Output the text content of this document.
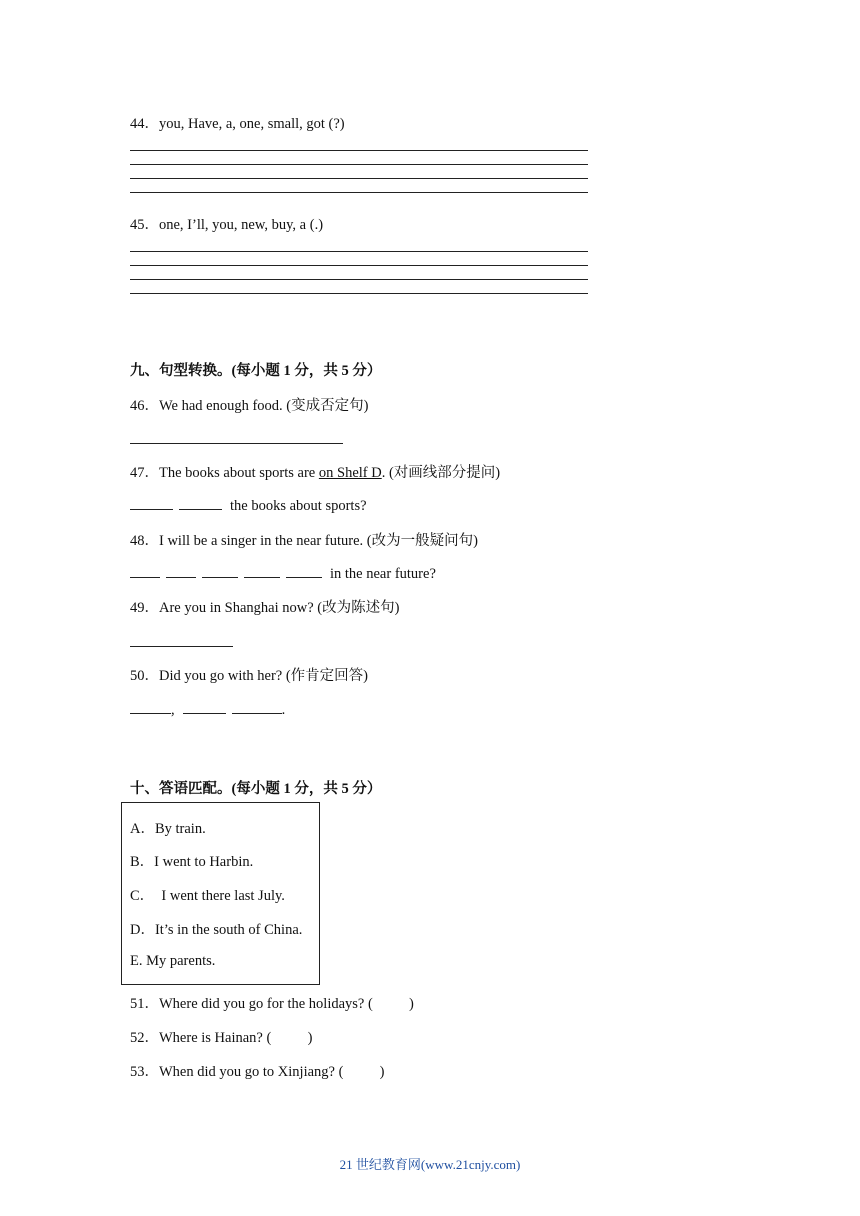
44．you, Have, a, one, small, got (?)
45．one, I’ll, you, new, buy, a (.)
九、句型转换。(每小题 1 分，共 5 分）
46．We had enough food. (变成否定句)
47．The books about sports are on Shelf D. (对画线部分提问)
the books about sports?
48．I will be a singer in the near future. (改为一般疑问句)
in the near future?
49．Are you in Shanghai now? (改为陈述句)
50．Did you go with her? (作肯定回答)
,	.
十、答语匹配。(每小题 1 分，共 5 分）
A．By train.
B．I went to Harbin.
C．  I went there last July.
D．It’s in the south of China.
E. My parents.
51．Where did you go for the holidays? (          )
52．Where is Hainan? (          )
53．When did you go to Xinjiang? (          )
21 世纪教育网(www.21cnjy.com)
